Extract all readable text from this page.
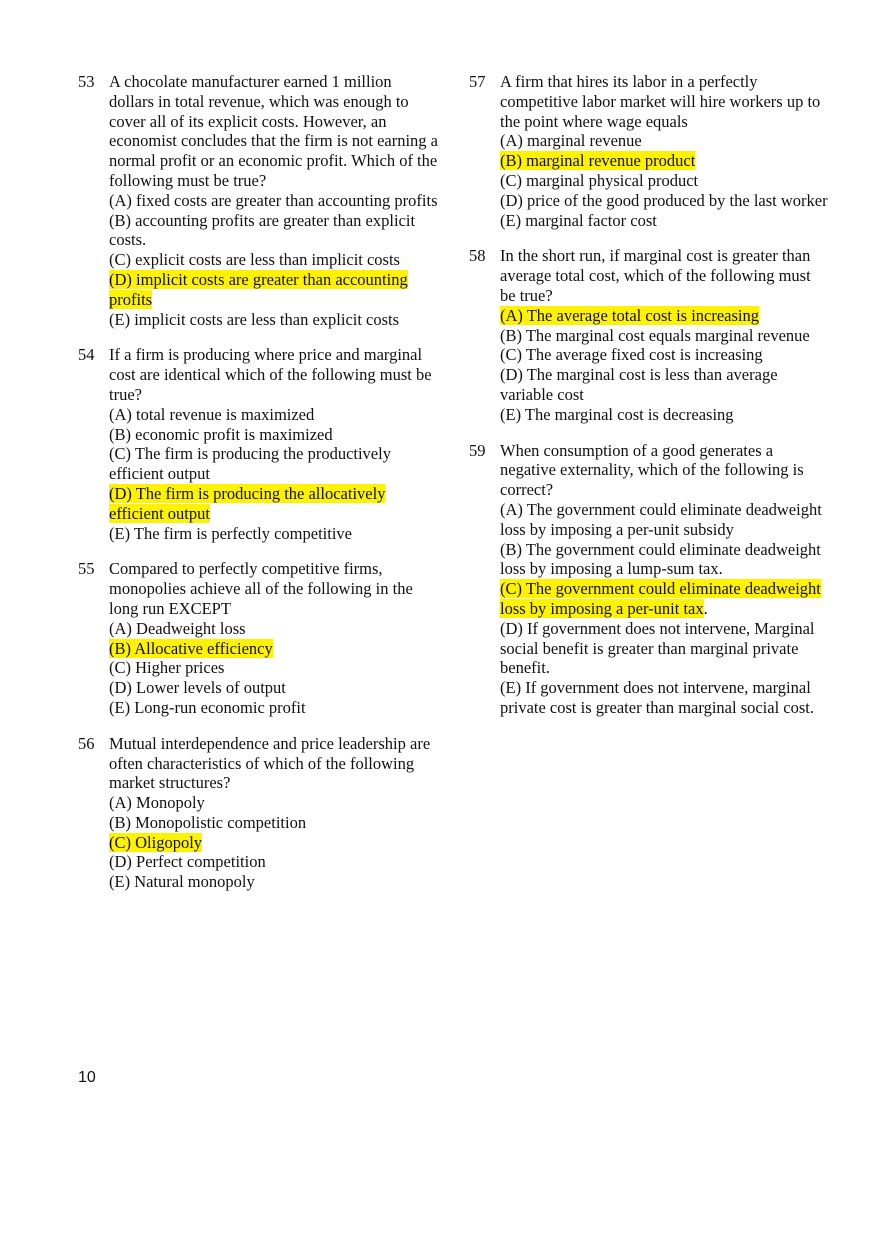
53 A chocolate manufacturer earned 1 million dollars in total revenue, which was enough to cover all of its explicit costs. However, an economist concludes that the firm is not earning a normal profit or an economic profit. Which of the following must be true?
(A) fixed costs are greater than accounting profits
(B) accounting profits are greater than explicit costs.
(C) explicit costs are less than implicit costs
(D) implicit costs are greater than accounting profits
(E) implicit costs are less than explicit costs
54 If a firm is producing where price and marginal cost are identical which of the following must be true?
(A) total revenue is maximized
(B) economic profit is maximized
(C) The firm is producing the productively efficient output
(D) The firm is producing the allocatively efficient output
(E) The firm is perfectly competitive
55 Compared to perfectly competitive firms, monopolies achieve all of the following in the long run EXCEPT
(A) Deadweight loss
(B) Allocative efficiency
(C) Higher prices
(D) Lower levels of output
(E) Long-run economic profit
56 Mutual interdependence and price leadership are often characteristics of which of the following market structures?
(A) Monopoly
(B) Monopolistic competition
(C) Oligopoly
(D) Perfect competition
(E) Natural monopoly
57 A firm that hires its labor in a perfectly competitive labor market will hire workers up to the point where wage equals
(A) marginal revenue
(B) marginal revenue product
(C) marginal physical product
(D) price of the good produced by the last worker
(E) marginal factor cost
58 In the short run, if marginal cost is greater than average total cost, which of the following must be true?
(A) The average total cost is increasing
(B) The marginal cost equals marginal revenue
(C) The average fixed cost is increasing
(D) The marginal cost is less than average variable cost
(E) The marginal cost is decreasing
59 When consumption of a good generates a negative externality, which of the following is correct?
(A) The government could eliminate deadweight loss by imposing a per-unit subsidy
(B) The government could eliminate deadweight loss by imposing a lump-sum tax.
(C) The government could eliminate deadweight loss by imposing a per-unit tax.
(D) If government does not intervene, Marginal social benefit is greater than marginal private benefit.
(E) If government does not intervene, marginal private cost is greater than marginal social cost.
10
